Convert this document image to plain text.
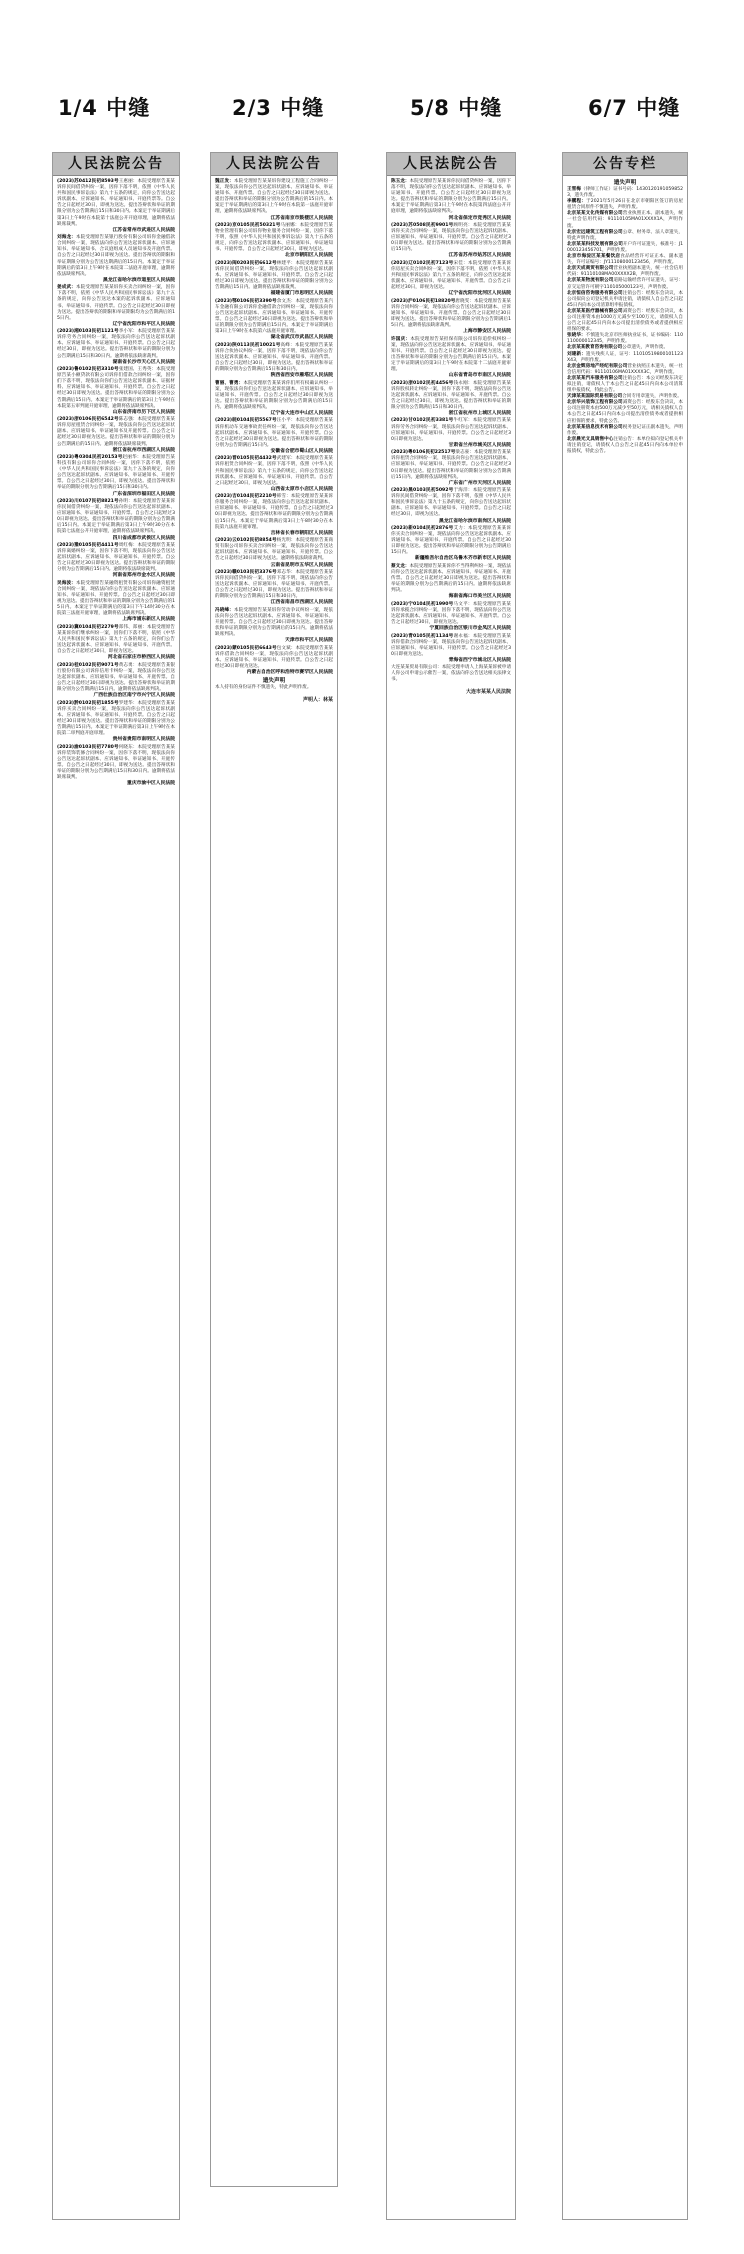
1/4 中缝	2/3 中缝	5/8 中缝	6/7 中缝
人民法院公告

(2023)苏0412民初8593号王惠丽：本院受理原告某某诉你民间借贷纠纷一案，因你下落不明，依照《中华人民共和国民事诉讼法》第九十五条的规定，向你公告送达起诉状副本、应诉通知书、举证通知书、开庭传票等。自公告之日起经过30日，即视为送达。提出答辩状和举证的期限分别为公告期满后15日和30日内。本案定于举证期满后第3日上午9时在本院第十法庭公开开庭审理，逾期将依法缺席裁判。

江苏省常州市武进区人民法院

刘海龙：本院受理原告某银行股份有限公司诉你金融借款合同纠纷一案，现依法向你公告送达起诉状副本、应诉通知书、举证通知书、合议庭组成人员通知书及开庭传票。自公告之日起经过30日即视为送达。提出答辩状的期限和举证期限分别为公告送达期满后的15日内。本案定于举证期满后的第3日上午9时在本院第二法庭开庭审理，逾期将依法缺席判决。

黑龙江省哈尔滨市道里区人民法院

姜成武：本院受理原告某某诉你买卖合同纠纷一案，因你下落不明，依照《中华人民共和国民事诉讼法》第九十五条的规定，向你公告送达本案的起诉状副本、应诉通知书、举证通知书、开庭传票。自公告之日起经过30日即视为送达。提出答辩状的期限和举证期限均为公告期满后的15日内。

辽宁省沈阳市和平区人民法院

(2023)湘0103民初1121号李小军：本院受理原告某某诉你劳务合同纠纷一案，现依法向你公告送达起诉状副本、应诉通知书、举证通知书、开庭传票。自公告之日起经过30日，即视为送达。提出答辩状和举证的期限分别为公告期满后15日和30日内。逾期将依法缺席裁判。

湖南省长沙市天心区人民法院

(2023)鲁0102民初3310号张建国、王秀英：本院受理原告某小额贷款有限公司诉你们借款合同纠纷一案，因你们下落不明，现依法向你们公告送达起诉状副本、证据材料、应诉通知书、举证通知书、开庭传票。自公告之日起经过30日即视为送达。提出答辩状和举证的期限分别为公告期满后15日内。本案定于举证期满后的第3日上午9时在本院第五审判庭开庭审理，逾期将依法缺席判决。

山东省济南市历下区人民法院

(2023)浙0106民初6542号陈志强：本院受理原告某某诉你房屋租赁合同纠纷一案，现依法向你公告送达起诉状副本、应诉通知书、举证通知书及开庭传票。自公告之日起经过30日即视为送达。提出答辩状和举证的期限分别为公告期满后的15日内。逾期将依法缺席裁判。

浙江省杭州市西湖区人民法院

(2023)粤0304民初20153号赵丽华：本院受理原告某科技有限公司诉你合同纠纷一案，因你下落不明，依照《中华人民共和国民事诉讼法》第九十五条的规定，向你公告送达起诉状副本、应诉通知书、举证通知书、开庭传票。自公告之日起经过30日，即视为送达。提出答辩状和举证的期限分别为公告期满后15日和30日内。

广东省深圳市福田区人民法院

(2023)川0107民初8821号孙明：本院受理原告某某诉你民间借贷纠纷一案，现依法向你公告送达起诉状副本、应诉通知书、举证通知书、开庭传票。自公告之日起经过30日即视为送达。提出答辩状和举证的期限分别为公告期满后15日内。本案定于举证期满后第3日上午9时30分在本院第七法庭公开开庭审理，逾期将依法缺席判决。

四川省成都市武侯区人民法院

(2023)豫0105民初4411号周红梅：本院受理原告某某诉你离婚纠纷一案，因你下落不明，现依法向你公告送达起诉状副本、应诉通知书、举证通知书、开庭传票。自公告之日起经过30日即视为送达。提出答辩状和举证的期限分别为公告期满后15日内。逾期将依法缺席裁判。

河南省郑州市金水区人民法院

吴海波：本院受理原告某融资租赁有限公司诉你融资租赁合同纠纷一案，现依法向你公告送达起诉状副本、应诉通知书、举证通知书、开庭传票。自公告之日起经过30日即视为送达。提出答辩状和举证的期限分别为公告期满后的15日内。本案定于举证期满后的第3日下午14时30分在本院第三法庭开庭审理，逾期将依法缺席判决。

上海市浦东新区人民法院

(2023)冀0104民初2279号郑伟、郑丽：本院受理原告某某诉你们继承纠纷一案，因你们下落不明，依照《中华人民共和国民事诉讼法》第九十五条的规定，向你们公告送达起诉状副本、应诉通知书、举证通知书、开庭传票。自公告之日起经过30日，即视为送达。

河北省石家庄市桥西区人民法院

(2023)桂0102民初9071号黄志勇：本院受理原告某银行股份有限公司诉你信用卡纠纷一案，现依法向你公告送达起诉状副本、应诉通知书、举证通知书、开庭传票。自公告之日起经过30日即视为送达。提出答辩状和举证的期限分别为公告期满后15日内。逾期将依法缺席判决。

广西壮族自治区南宁市兴宁区人民法院

(2023)黔0102民初1855号罗建华：本院受理原告某某诉你买卖合同纠纷一案，现依法向你公告送达起诉状副本、应诉通知书、举证通知书、开庭传票。自公告之日起经过30日即视为送达。提出答辩状和举证的期限分别为公告期满后15日内。本案定于举证期满后第3日上午9时在本院第二审判庭开庭审理。

贵州省贵阳市南明区人民法院

(2023)渝0103民初7780号何晓东：本院受理原告某某诉你装饰装修合同纠纷一案，因你下落不明，现依法向你公告送达起诉状副本、应诉通知书、举证通知书、开庭传票。自公告之日起经过30日，即视为送达。提出答辩状和举证的期限分别为公告期满后15日和30日内。逾期将依法缺席裁判。

重庆市渝中区人民法院

人民法院公告

魏正发：本院受理原告某某诉你建设工程施工合同纠纷一案，现依法向你公告送达起诉状副本、应诉通知书、举证通知书、开庭传票。自公告之日起经过30日即视为送达。提出答辩状和举证的期限分别为公告期满后的15日内。本案定于举证期满后的第3日上午9时在本院第一法庭开庭审理，逾期将依法缺席判决。

江苏省南京市鼓楼区人民法院

(2023)京0105民初50321号马丽娜：本院受理原告某物业管理有限公司诉你物业服务合同纠纷一案，因你下落不明，依照《中华人民共和国民事诉讼法》第九十五条的规定，向你公告送达起诉状副本、应诉通知书、举证通知书、开庭传票。自公告之日起经过30日，即视为送达。

北京市朝阳区人民法院

(2023)闽0203民初6612号林建平：本院受理原告某某诉你民间借贷纠纷一案，现依法向你公告送达起诉状副本、应诉通知书、举证通知书、开庭传票。自公告之日起经过30日即视为送达。提出答辩状和举证的期限分别为公告期满后15日内。逾期将依法缺席裁判。

福建省厦门市思明区人民法院

(2023)鄂0106民初3390号余文杰：本院受理原告某汽车金融有限公司诉你金融借款合同纠纷一案，现依法向你公告送达起诉状副本、应诉通知书、举证通知书、开庭传票。自公告之日起经过30日即视为送达。提出答辩状和举证的期限分别为公告期满后15日内。本案定于举证期满后第3日上午9时在本院第六法庭开庭审理。

湖北省武汉市武昌区人民法院

(2023)陕0113民初10021号高峰：本院受理原告某某诉你合伙协议纠纷一案，因你下落不明，现依法向你公告送达起诉状副本、应诉通知书、举证通知书、开庭传票。自公告之日起经过30日，即视为送达。提出答辩状和举证的期限分别为公告期满后15日和30日内。

陕西省西安市雁塔区人民法院

曹丽、曹勇：本院受理原告某某诉你们所有权确认纠纷一案，现依法向你们公告送达起诉状副本、应诉通知书、举证通知书、开庭传票。自公告之日起经过30日即视为送达。提出答辩状和举证的期限分别为公告期满后的15日内。逾期将依法缺席判决。

辽宁省大连市中山区人民法院

(2023)皖0104民初5567号汪小平：本院受理原告某某诉你机动车交通事故责任纠纷一案，现依法向你公告送达起诉状副本、应诉通知书、举证通知书、开庭传票。自公告之日起经过30日即视为送达。提出答辩状和举证的期限分别为公告期满后15日内。

安徽省合肥市蜀山区人民法院

(2023)晋0105民初4432号武建军：本院受理原告某某诉你租赁合同纠纷一案，因你下落不明，依照《中华人民共和国民事诉讼法》第九十五条的规定，向你公告送达起诉状副本、应诉通知书、举证通知书、开庭传票。自公告之日起经过30日，即视为送达。

山西省太原市小店区人民法院

(2023)吉0104民初2210号韩雪：本院受理原告某某诉你服务合同纠纷一案，现依法向你公告送达起诉状副本、应诉通知书、举证通知书、开庭传票。自公告之日起经过30日即视为送达。提出答辩状和举证的期限分别为公告期满后15日内。本案定于举证期满后第3日上午8时30分在本院第九法庭开庭审理。

吉林省长春市朝阳区人民法院

(2023)云0102民初8854号杨光明：本院受理原告某商贸有限公司诉你买卖合同纠纷一案，现依法向你公告送达起诉状副本、应诉通知书、举证通知书、开庭传票。自公告之日起经过30日即视为送达。逾期将依法缺席裁判。

云南省昆明市五华区人民法院

(2023)赣0103民初3376号邓志华：本院受理原告某某诉你民间借贷纠纷一案，因你下落不明，现依法向你公告送达起诉状副本、应诉通知书、举证通知书、开庭传票。自公告之日起经过30日，即视为送达。提出答辩状和举证的期限分别为公告期满后15日和30日内。

江西省南昌市西湖区人民法院

冯晓峰：本院受理原告某某诉你劳动争议纠纷一案，现依法向你公告送达起诉状副本、应诉通知书、举证通知书、开庭传票。自公告之日起经过30日即视为送达。提出答辩状和举证的期限分别为公告期满后的15日内。逾期将依法缺席判决。

天津市和平区人民法院

(2023)蒙0105民初6643号包文斌：本院受理原告某某诉你借款合同纠纷一案，现依法向你公告送达起诉状副本、应诉通知书、举证通知书、开庭传票。自公告之日起经过30日即视为送达。

内蒙古自治区呼和浩特市赛罕区人民法院

遗失声明

本人持有的身份证件不慎遗失，特此声明作废。

声明人：林某

人民法院公告

陈玉龙：本院受理原告某某诉你民间借贷纠纷一案，因你下落不明，现依法向你公告送达起诉状副本、应诉通知书、举证通知书、开庭传票。自公告之日起经过30日即视为送达。提出答辩状和举证的期限分别为公告期满后15日内。本案定于举证期满后第3日上午9时在本院第四法庭公开开庭审理，逾期将依法缺席判决。

河北省保定市竞秀区人民法院

(2023)苏0508民初9901号顾明亮：本院受理原告某某诉你买卖合同纠纷一案，现依法向你公告送达起诉状副本、应诉通知书、举证通知书、开庭传票。自公告之日起经过30日即视为送达。提出答辩状和举证的期限分别为公告期满后15日内。

江苏省苏州市姑苏区人民法院

(2023)辽0102民初7123号宋佳：本院受理原告某某诉你房屋买卖合同纠纷一案，因你下落不明，依照《中华人民共和国民事诉讼法》第九十五条的规定，向你公告送达起诉状副本、应诉通知书、举证通知书、开庭传票。自公告之日起经过30日，即视为送达。

辽宁省沈阳市沈河区人民法院

(2023)沪0106民初18820号唐晓雯：本院受理原告某某诉你合同纠纷一案，现依法向你公告送达起诉状副本、应诉通知书、举证通知书、开庭传票。自公告之日起经过30日即视为送达。提出答辩状和举证的期限分别为公告期满后15日内。逾期将依法缺席裁判。

上海市静安区人民法院

许国庆：本院受理原告某担保有限公司诉你追偿权纠纷一案，现依法向你公告送达起诉状副本、应诉通知书、举证通知书、开庭传票。自公告之日起经过30日即视为送达。提出答辩状和举证的期限分别为公告期满后的15日内。本案定于举证期满后的第3日上午9时在本院第十二法庭开庭审理。

山东省青岛市市南区人民法院

(2023)浙0102民初4456号钱永刚：本院受理原告某某诉你股权转让纠纷一案，因你下落不明，现依法向你公告送达起诉状副本、应诉通知书、举证通知书、开庭传票。自公告之日起经过30日，即视为送达。提出答辩状和举证的期限分别为公告期满后15日和30日内。

浙江省杭州市上城区人民法院

(2023)甘0102民初3381号牛红军：本院受理原告某某诉你劳务合同纠纷一案，现依法向你公告送达起诉状副本、应诉通知书、举证通知书、开庭传票。自公告之日起经过30日即视为送达。

甘肃省兰州市城关区人民法院

(2023)粤0106民初22517号梁志豪：本院受理原告某某诉你租赁合同纠纷一案，现依法向你公告送达起诉状副本、应诉通知书、举证通知书、开庭传票。自公告之日起经过30日即视为送达。提出答辩状和举证的期限分别为公告期满后15日内。逾期将依法缺席判决。

广东省广州市天河区人民法院

(2023)黑0103民初5092号于海洋：本院受理原告某某诉你民间借贷纠纷一案，因你下落不明，依照《中华人民共和国民事诉讼法》第九十五条的规定，向你公告送达起诉状副本、应诉通知书、举证通知书、开庭传票。自公告之日起经过30日，即视为送达。

黑龙江省哈尔滨市南岗区人民法院

(2023)新0104民初2876号艾力：本院受理原告某某诉你买卖合同纠纷一案，现依法向你公告送达起诉状副本、应诉通知书、举证通知书、开庭传票。自公告之日起经过30日即视为送达。提出答辩状和举证的期限分别为公告期满后15日内。

新疆维吾尔自治区乌鲁木齐市新市区人民法院

蔡文龙：本院受理原告某某诉你不当得利纠纷一案，现依法向你公告送达起诉状副本、应诉通知书、举证通知书、开庭传票。自公告之日起经过30日即视为送达。提出答辩状和举证的期限分别为公告期满后的15日内。逾期将依法缺席判决。

海南省海口市美兰区人民法院

(2023)宁0104民初1990号马文平：本院受理原告某某诉你承揽合同纠纷一案，因你下落不明，现依法向你公告送达起诉状副本、应诉通知书、举证通知书、开庭传票。自公告之日起经过30日，即视为送达。

宁夏回族自治区银川市金凤区人民法院

(2023)青0105民初1134号谢永福：本院受理原告某某诉你借款合同纠纷一案，现依法向你公告送达起诉状副本、应诉通知书、举证通知书、开庭传票。自公告之日起经过30日即视为送达。

青海省西宁市城北区人民法院

大连某某贸易有限公司：本院受理申请人上海某某诉被申请人你公司申请公示催告一案，依法向你公告送达相关法律文书。

大连市某某人民法院

公告专栏
遗失声明

王雪梅（律师工作证）证书号码：14301201910598523，遗失作废。

李鹏程：于2021年5月26日在北京市朝阳区签订的房屋租赁合同原件不慎遗失，声明作废。

北京某某文化传媒有限公司营业执照正本、副本遗失，统一社会信用代码：91110105MA01XXXX1A，声明作废。

北京宏远建筑工程有限公司公章、财务章、法人章遗失，特此声明作废。

北京某某科技发展有限公司开户许可证遗失，核准号：J1000123456701，声明作废。

北京市海淀区某某餐饮店食品经营许可证正本、副本遗失，许可证编号：JY11108000123456，声明作废。

北京天成商贸有限公司营业执照副本遗失，统一社会信用代码：91110108MA00XXXX2B，声明作废。

北京某某物流有限公司道路运输经营许可证遗失，证号：京交运管许可朝字110105000123号，声明作废。

北京恒信咨询服务有限公司注销公告：经股东会决议，本公司拟向公司登记机关申请注销，请债权人自公告之日起45日内向本公司清算组申报债权。

北京某某医疗器械有限公司减资公告：经股东会决议，本公司注册资本由1000万元减少至100万元，请债权人自公告之日起45日内向本公司提出清偿债务或者提供相应担保的要求。

张晓华：不慎遗失北京市医师执业证书，证书编码：110110000012345，声明作废。

北京某某教育咨询有限公司公章遗失，声明作废。

刘建新：遗失残疾人证，证号：11010519800101123X43，声明作废。

北京金辉房地产经纪有限公司营业执照正本遗失，统一社会信用代码：91110106MA01XXXX3C，声明作废。

北京某某汽车服务有限公司注销公告：本公司经股东决定拟注销，请债权人于本公告之日起45日内向本公司清算组申报债权，特此公告。

天津某某国际贸易有限公司合同专用章遗失，声明作废。

北京华兴装饰工程有限公司减资公告：经股东会决议，本公司注册资本由500万元减少至50万元，请相关债权人自本公告之日起45日内向本公司提出清偿债务或者提供相应担保的要求，特此公告。

北京某某信息技术有限公司税务登记证正副本遗失，声明作废。

北京晨光文具销售中心注销公告：本单位拟向登记机关申请注销登记，请债权人自公告之日起45日内向本单位申报债权，特此公告。
